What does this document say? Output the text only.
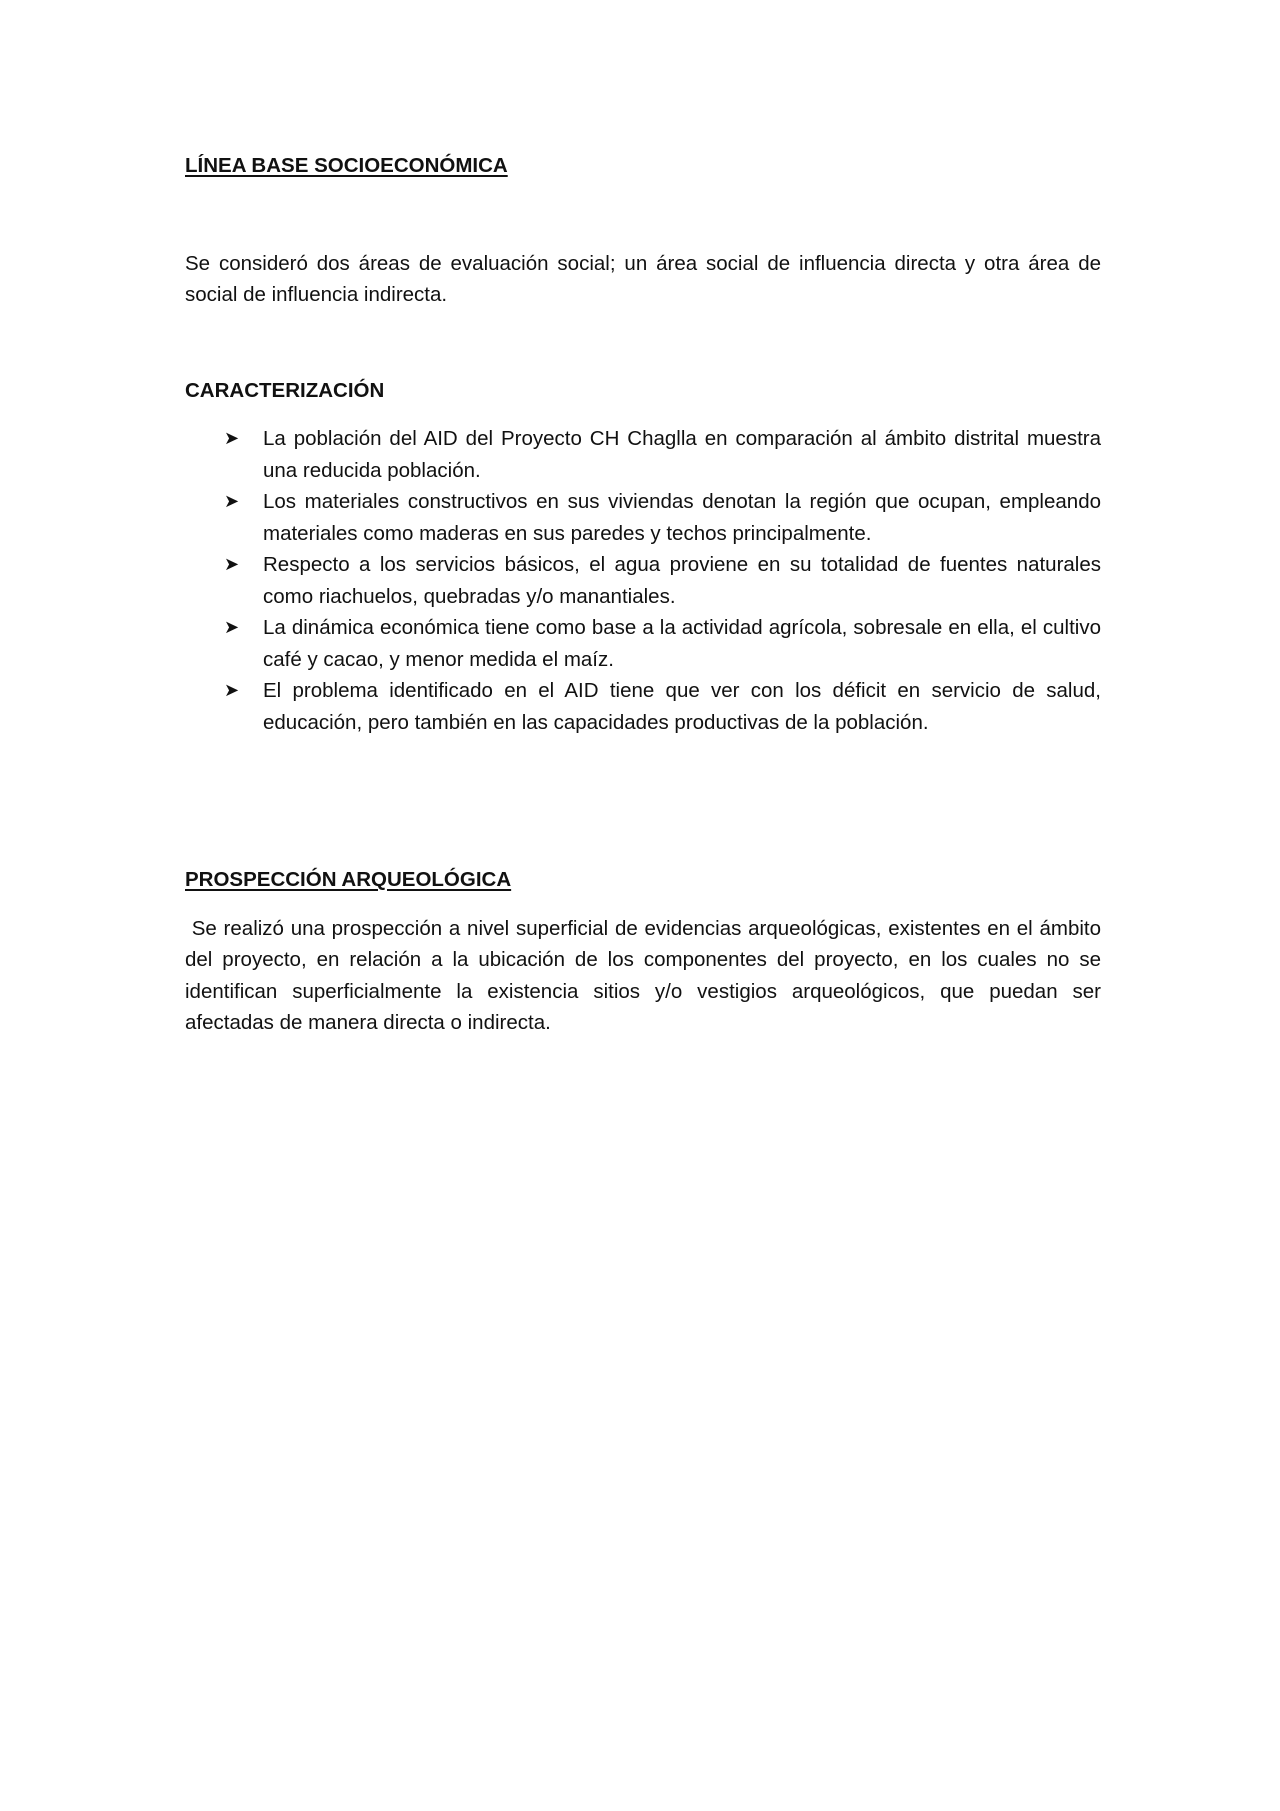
LÍNEA BASE SOCIOECONÓMICA

Se consideró dos áreas de evaluación social; un área social de influencia directa y otra área de social de influencia indirecta.

CARACTERIZACIÓN

➤ La población del AID del Proyecto CH Chaglla en comparación al ámbito distrital muestra una reducida población.
➤ Los materiales constructivos en sus viviendas denotan la región que ocupan, empleando materiales como maderas en sus paredes y techos principalmente.
➤ Respecto a los servicios básicos, el agua proviene en su totalidad de fuentes naturales como riachuelos, quebradas y/o manantiales.
➤ La dinámica económica tiene como base a la actividad agrícola, sobresale en ella, el cultivo café y cacao, y menor medida el maíz.
➤ El problema identificado en el AID tiene que ver con los déficit en servicio de salud, educación, pero también en las capacidades productivas de la población.

PROSPECCIÓN ARQUEOLÓGICA

Se realizó una prospección a nivel superficial de evidencias arqueológicas, existentes en el ámbito del proyecto, en relación a la ubicación de los componentes del proyecto, en los cuales no se identifican superficialmente la existencia sitios y/o vestigios arqueológicos, que puedan ser afectadas de manera directa o indirecta.
